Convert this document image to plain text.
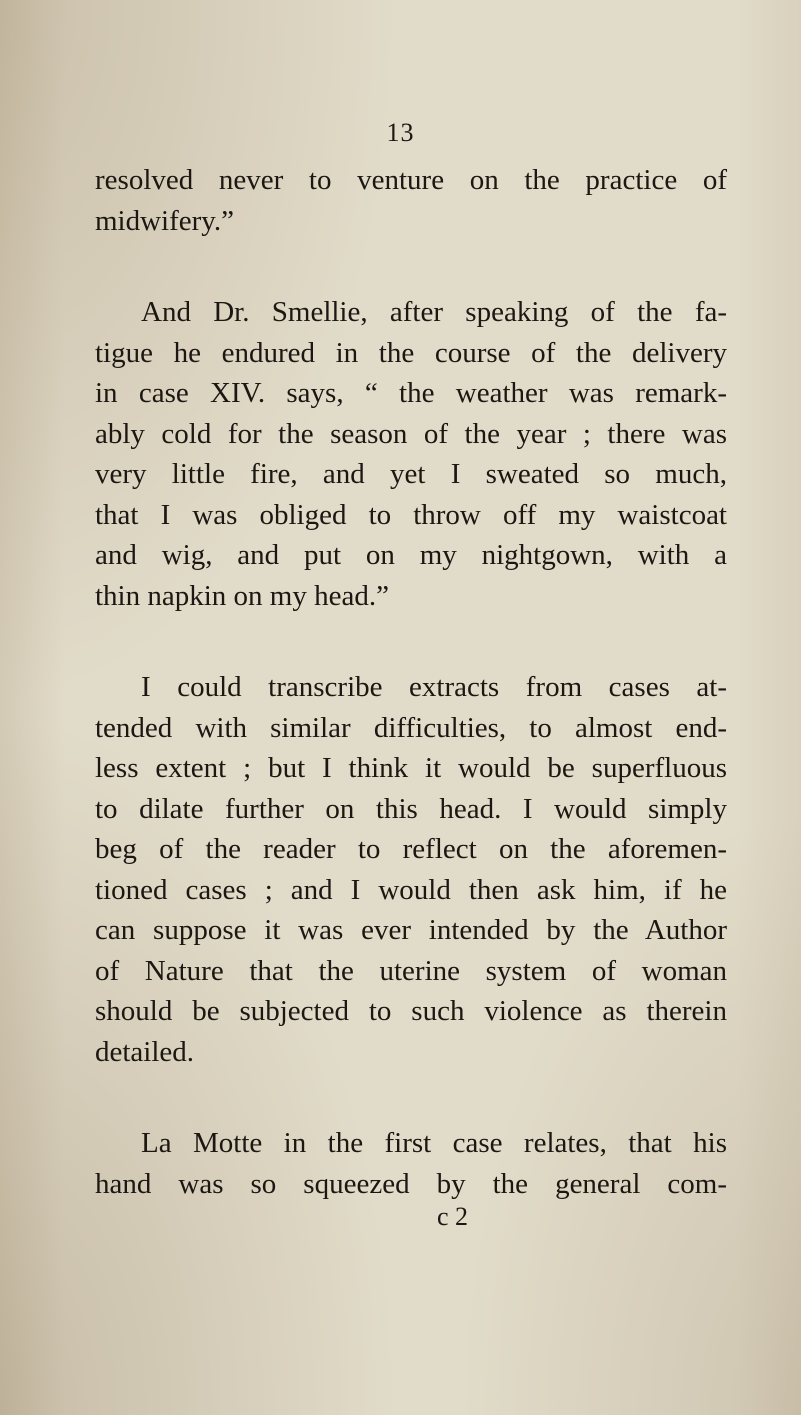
13
resolved never to venture on the practice of
midwifery.”
And Dr. Smellie, after speaking of the fa-
tigue he endured in the course of the delivery
in case XIV. says, “ the weather was remark-
ably cold for the season of the year ; there was
very little fire, and yet I sweated so much,
that I was obliged to throw off my waistcoat
and wig, and put on my nightgown, with a
thin napkin on my head.”
I could transcribe extracts from cases at-
tended with similar difficulties, to almost end-
less extent ; but I think it would be superfluous
to dilate further on this head. I would simply
beg of the reader to reflect on the aforemen-
tioned cases ; and I would then ask him, if he
can suppose it was ever intended by the Author
of Nature that the uterine system of woman
should be subjected to such violence as therein
detailed.
La Motte in the first case relates, that his
hand was so squeezed by the general com-
c 2
